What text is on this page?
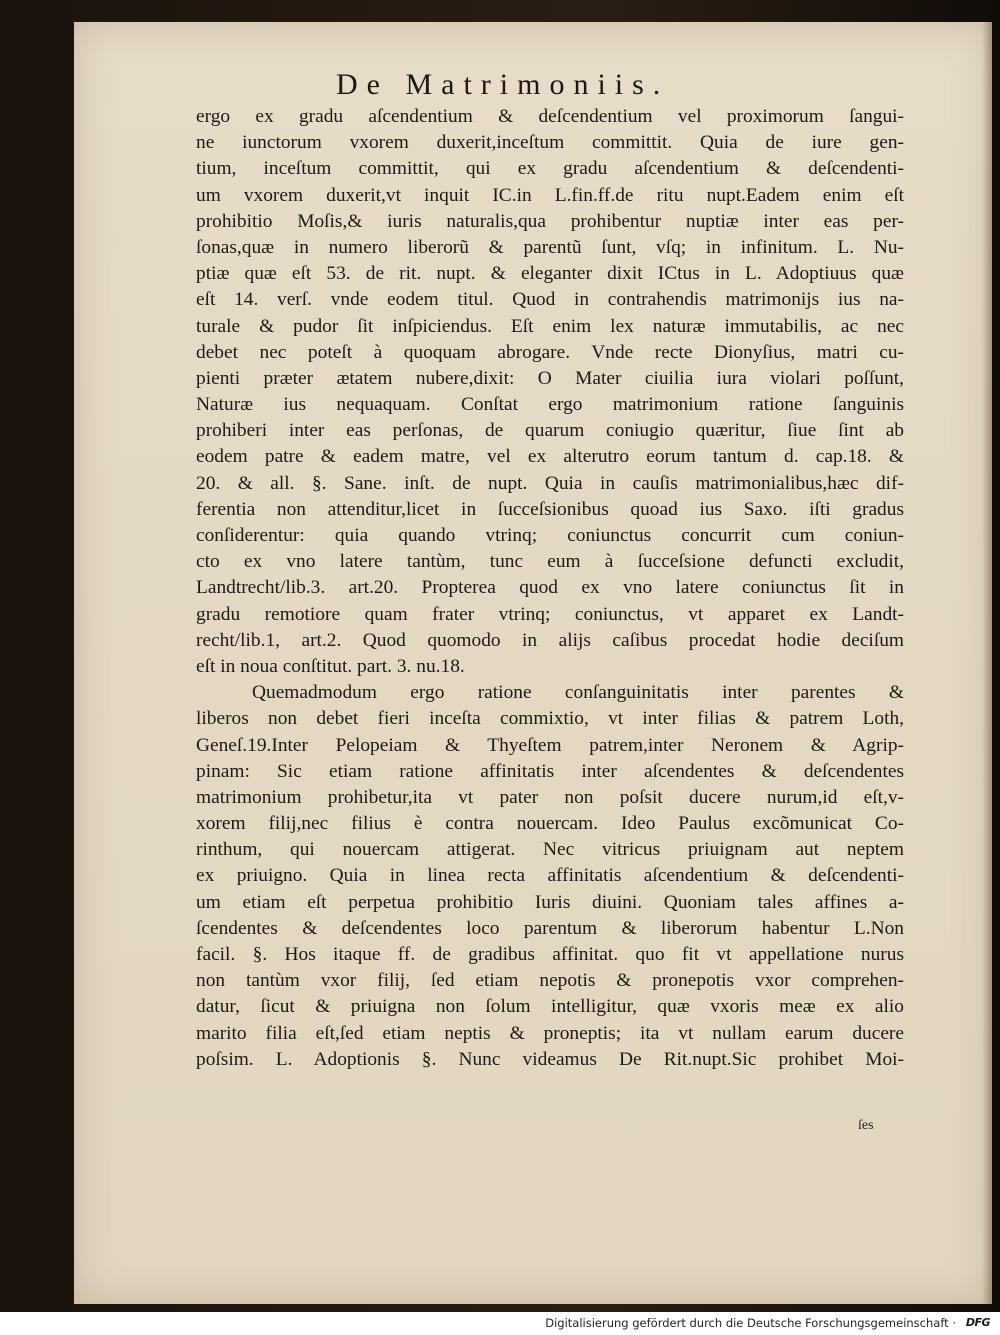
De Matrimoniis.
ergo ex gradu aſcendentium & deſcendentium vel proximorum ſangui-
ne iunctorum vxorem duxerit,inceſtum committit. Quia de iure gen-
tium, inceſtum committit, qui ex gradu aſcendentium & deſcendenti-
um vxorem duxerit,vt inquit IC.in L.fin.ff.de ritu nupt.Eadem enim eſt
prohibitio Moſis,& iuris naturalis,qua prohibentur nuptiæ inter eas per-
ſonas,quæ in numero liberorũ & parentũ ſunt, vſq; in infinitum. L. Nu-
ptiæ quæ eſt 53. de rit. nupt. & eleganter dixit ICtus in L. Adoptiuus quæ
eſt 14. verſ. vnde eodem titul. Quod in contrahendis matrimonijs ius na-
turale & pudor ſit inſpiciendus. Eſt enim lex naturæ immutabilis, ac nec
debet nec poteſt à quoquam abrogare. Vnde recte Dionyſius, matri cu-
pienti præter ætatem nubere,dixit: O Mater ciuilia iura violari poſſunt,
Naturæ ius nequaquam. Conſtat ergo matrimonium ratione ſanguinis
prohiberi inter eas perſonas, de quarum coniugio quæritur, ſiue ſint ab
eodem patre & eadem matre, vel ex alterutro eorum tantum d. cap.18. &
20. & all. §. Sane. inſt. de nupt. Quia in cauſis matrimonialibus,hæc dif-
ferentia non attenditur,licet in ſucceſsionibus quoad ius Saxo. iſti gradus
conſiderentur: quia quando vtrinq; coniunctus concurrit cum coniun-
cto ex vno latere tantùm, tunc eum à ſucceſsione defuncti excludit,
Landtrecht/lib.3. art.20. Propterea quod ex vno latere coniunctus ſit in
gradu remotiore quam frater vtrinq; coniunctus, vt apparet ex Landt-
recht/lib.1, art.2. Quod quomodo in alijs caſibus procedat hodie deciſum
eſt in noua conſtitut. part. 3. nu.18.
Quemadmodum ergo ratione conſanguinitatis inter parentes &
liberos non debet fieri inceſta commixtio, vt inter filias & patrem Loth,
Geneſ.19.Inter Pelopeiam & Thyeſtem patrem,inter Neronem & Agrip-
pinam: Sic etiam ratione affinitatis inter aſcendentes & deſcendentes
matrimonium prohibetur,ita vt pater non poſsit ducere nurum,id eſt,v-
xorem filij,nec filius è contra nouercam. Ideo Paulus excõmunicat Co-
rinthum, qui nouercam attigerat. Nec vitricus priuignam aut neptem
ex priuigno. Quia in linea recta affinitatis aſcendentium & deſcendenti-
um etiam eſt perpetua prohibitio Iuris diuini. Quoniam tales affines a-
ſcendentes & deſcendentes loco parentum & liberorum habentur L.Non
facil. §. Hos itaque ff. de gradibus affinitat. quo fit vt appellatione nurus
non tantùm vxor filij, ſed etiam nepotis & pronepotis vxor comprehen-
datur, ſicut & priuigna non ſolum intelligitur, quæ vxoris meæ ex alio
marito filia eſt,ſed etiam neptis & proneptis; ita vt nullam earum ducere
poſsim. L. Adoptionis §. Nunc videamus De Rit.nupt.Sic prohibet Moi-
ſes
Digitalisierung gefördert durch die Deutsche Forschungsgemeinschaft · DFG
